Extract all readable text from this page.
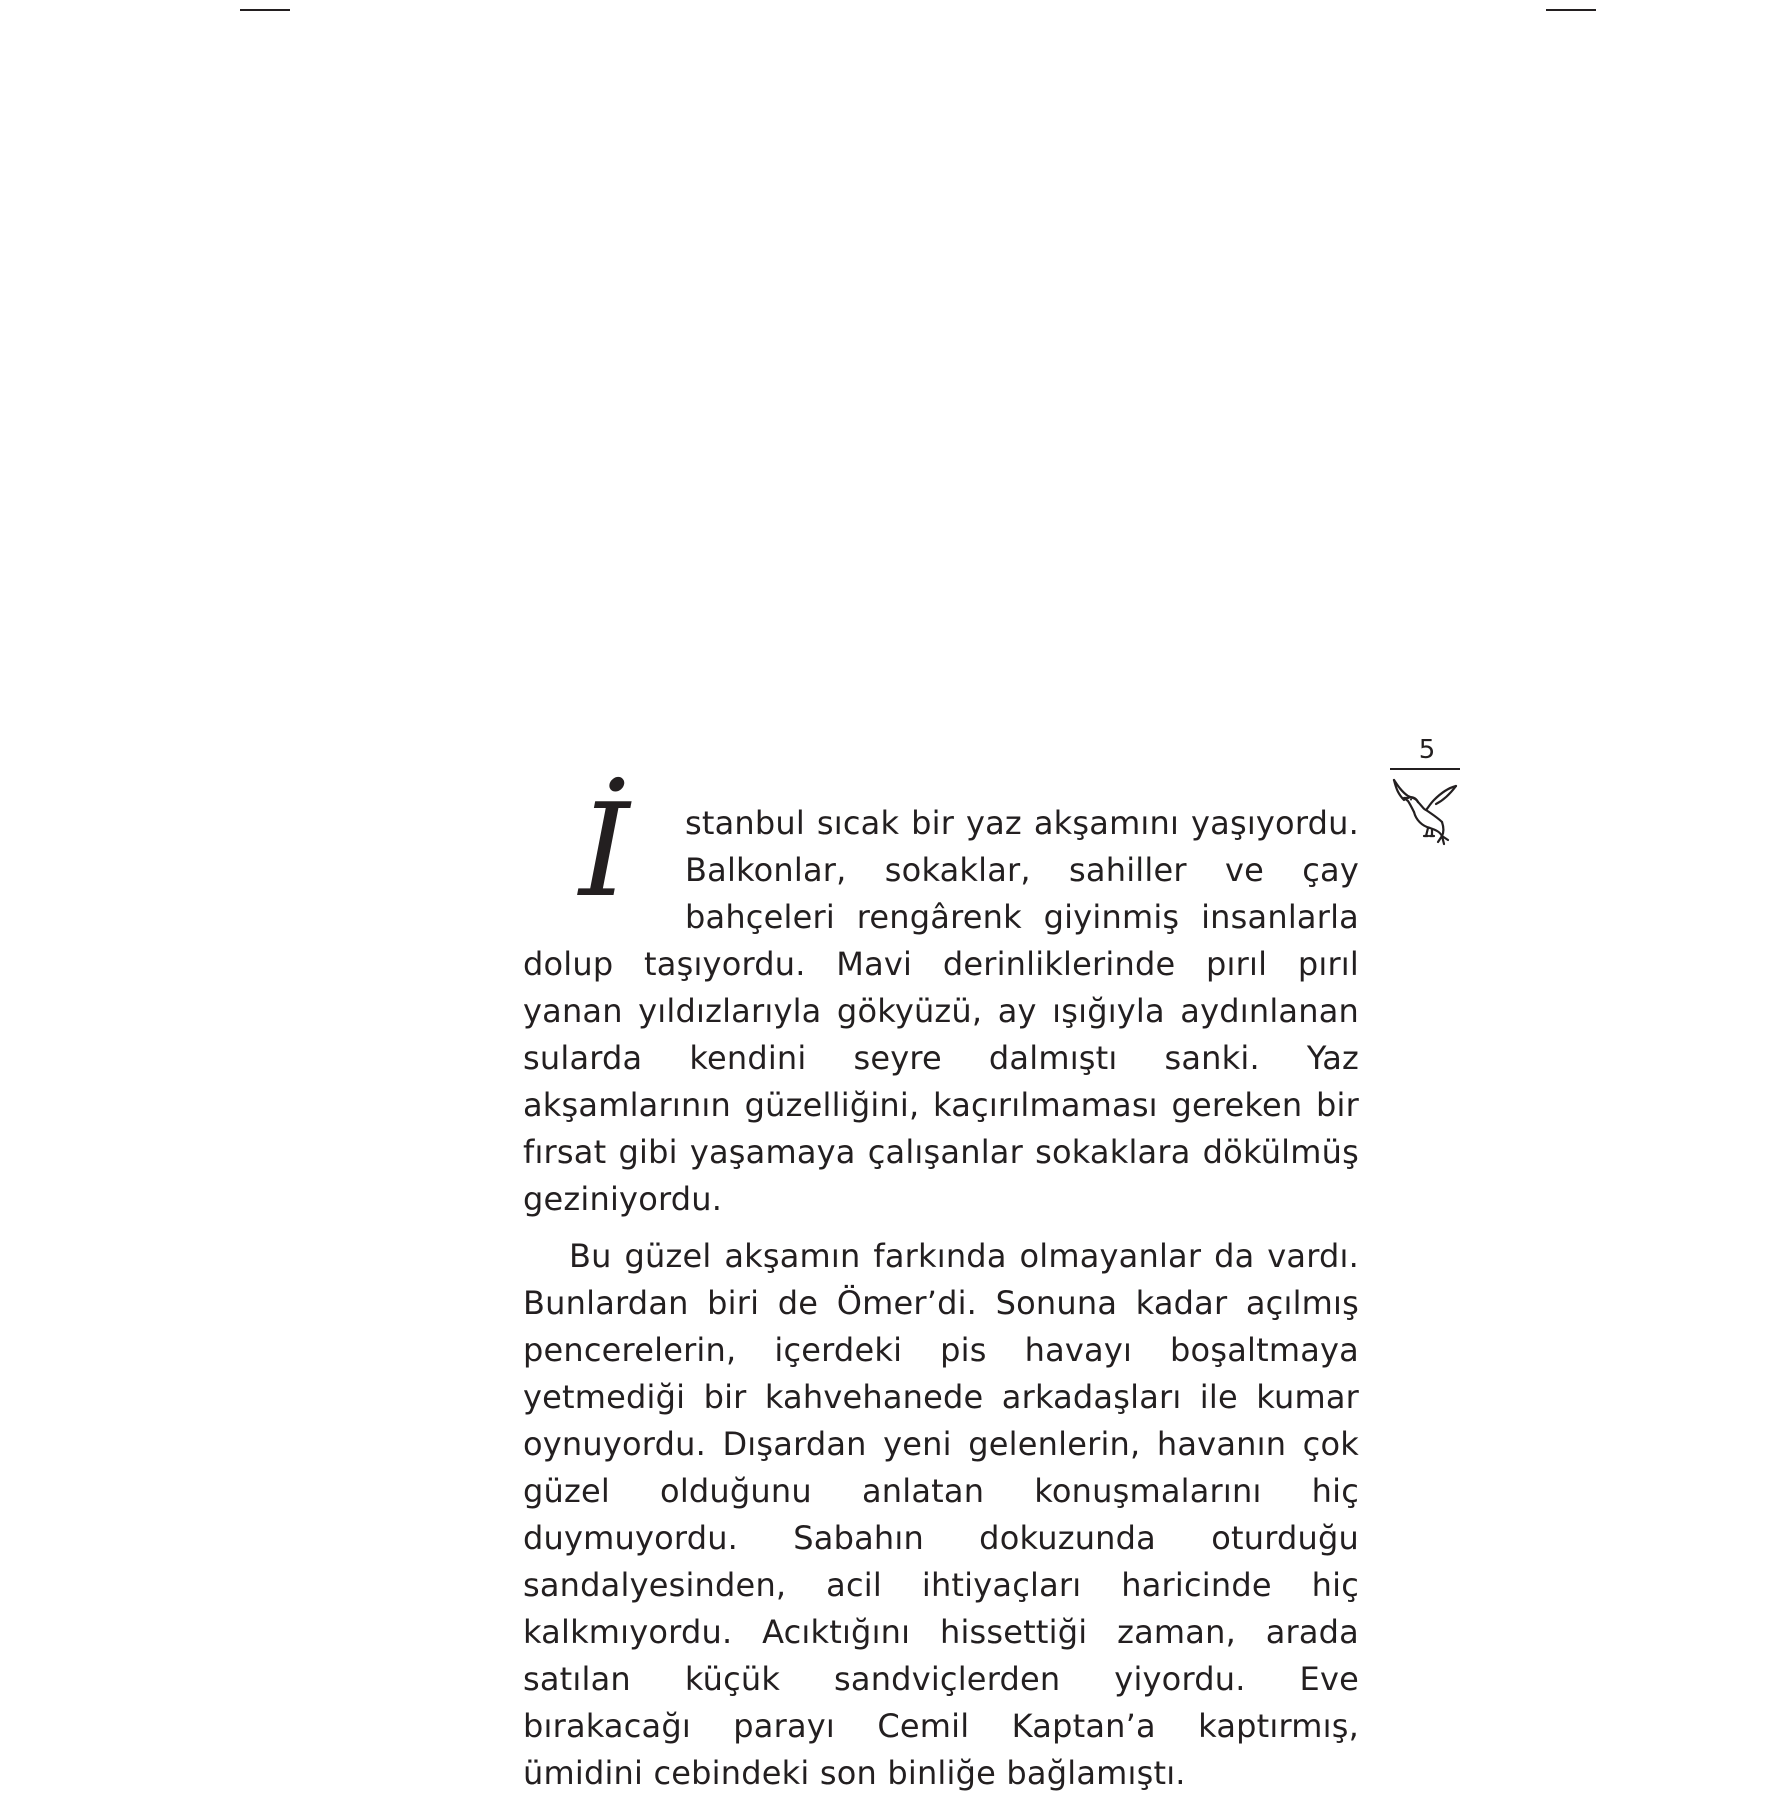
5

İ	stanbul sıcak bir yaz akşamını yaşıyordu. Balkonlar, sokaklar, sahiller ve çay bahçeleri rengârenk giyinmiş insanlarla dolup taşıyordu. Mavi derinliklerinde pırıl pırıl yanan yıldızlarıyla gökyüzü, ay ışığıyla aydınlanan sularda kendini seyre dalmıştı sanki. Yaz akşamlarının güzelliğini, kaçırılmaması gereken bir fırsat gibi yaşamaya çalışanlar sokaklara dökülmüş geziniyordu.

Bu güzel akşamın farkında olmayanlar da vardı. Bunlardan biri de Ömer’di. Sonuna kadar açılmış pencerelerin, içerdeki pis havayı boşaltmaya yetmediği bir kahvehanede arkadaşları ile kumar oynuyordu. Dışardan yeni gelenlerin, havanın çok güzel olduğunu anlatan konuşmalarını hiç duymuyordu. Sabahın dokuzunda oturduğu sandalyesinden, acil ihtiyaçları haricinde hiç kalkmıyordu. Acıktığını hissettiği zaman, arada satılan küçük sandviçlerden yiyordu. Eve bırakacağı parayı Cemil Kaptan’a kaptırmış, ümidini cebindeki son binliğe bağlamıştı.
